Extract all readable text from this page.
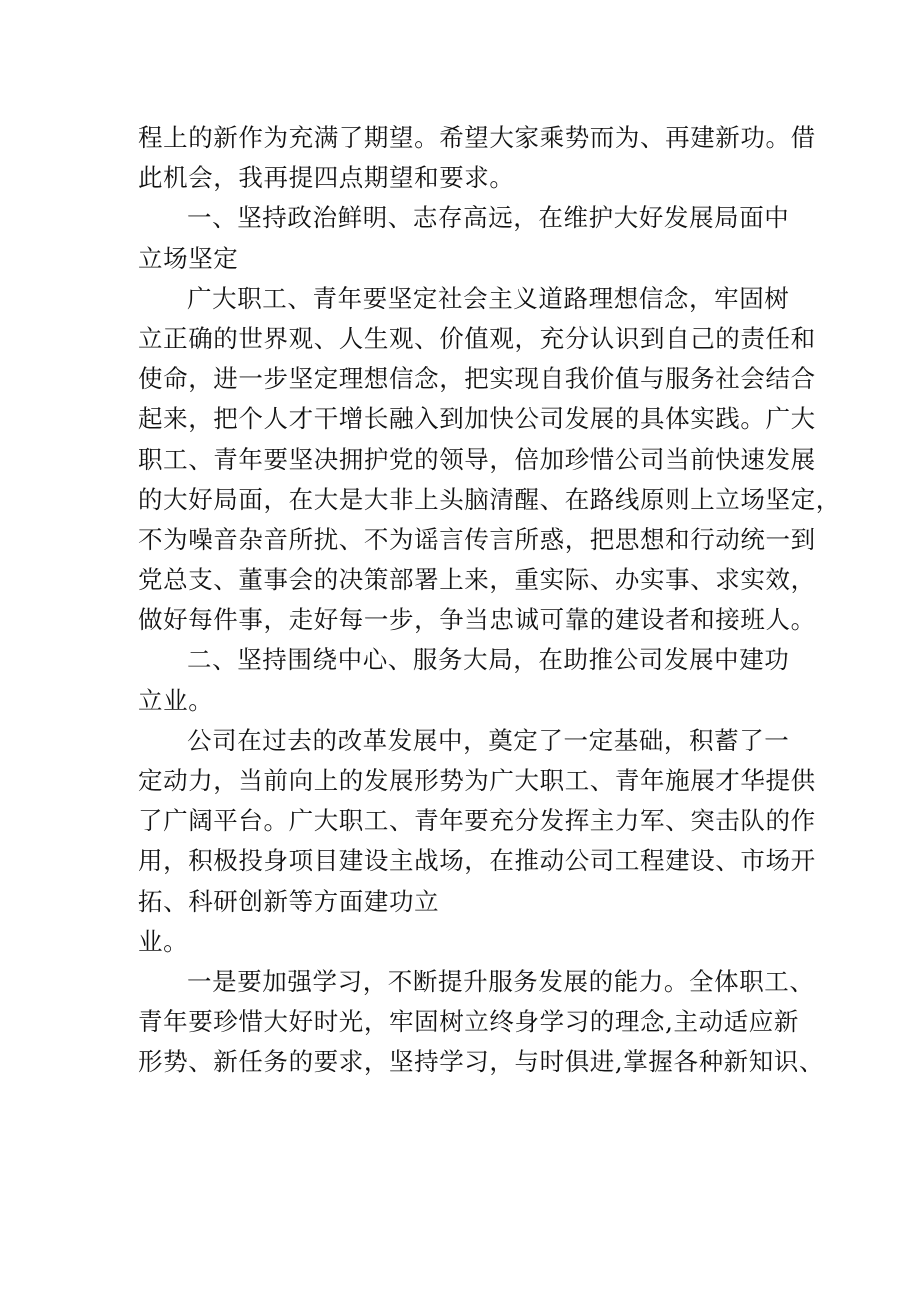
程上的新作为充满了期望。希望大家乘势而为、再建新功。借
此机会，我再提四点期望和要求。
一、坚持政治鲜明、志存高远，在维护大好发展局面中
立场坚定
广大职工、青年要坚定社会主义道路理想信念，牢固树
立正确的世界观、人生观、价值观，充分认识到自己的责任和
使命，进一步坚定理想信念，把实现自我价值与服务社会结合
起来，把个人才干增长融入到加快公司发展的具体实践。广大
职工、青年要坚决拥护党的领导，倍加珍惜公司当前快速发展
的大好局面，在大是大非上头脑清醒、在路线原则上立场坚定，
不为噪音杂音所扰、不为谣言传言所惑，把思想和行动统一到
党总支、董事会的决策部署上来，重实际、办实事、求实效，
做好每件事，走好每一步，争当忠诚可靠的建设者和接班人。
二、坚持围绕中心、服务大局，在助推公司发展中建功
立业。
公司在过去的改革发展中，奠定了一定基础，积蓄了一
定动力，当前向上的发展形势为广大职工、青年施展才华提供
了广阔平台。广大职工、青年要充分发挥主力军、突击队的作
用，积极投身项目建设主战场，在推动公司工程建设、市场开
拓、科研创新等方面建功立
业。
一是要加强学习，不断提升服务发展的能力。全体职工、
青年要珍惜大好时光，牢固树立终身学习的理念,主动适应新
形势、新任务的要求，坚持学习，与时俱进,掌握各种新知识、
